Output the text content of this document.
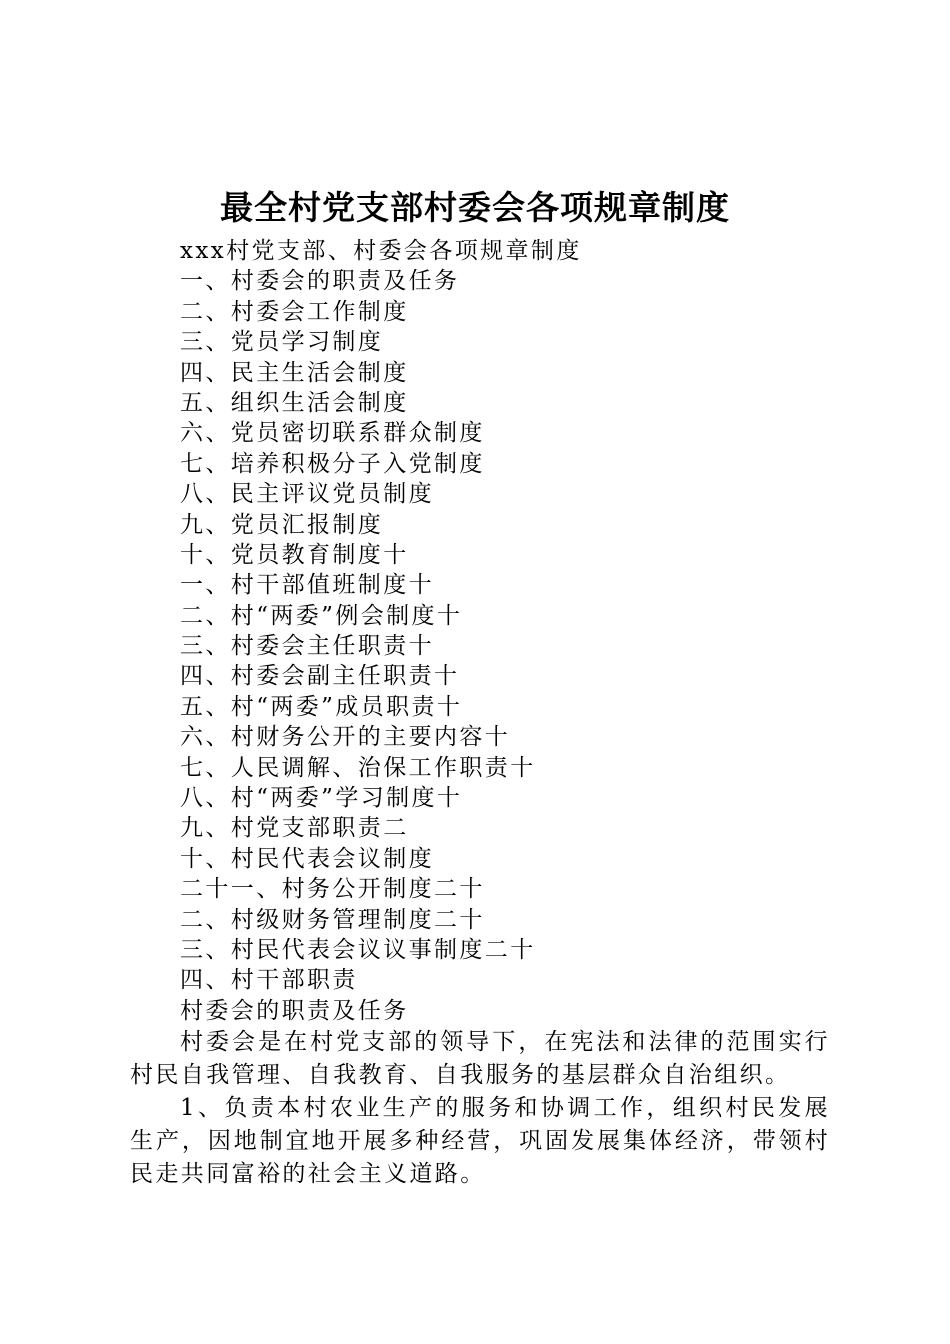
最全村党支部村委会各项规章制度
xxx村党支部、村委会各项规章制度
一、村委会的职责及任务
二、村委会工作制度
三、党员学习制度
四、民主生活会制度
五、组织生活会制度
六、党员密切联系群众制度
七、培养积极分子入党制度
八、民主评议党员制度
九、党员汇报制度
十、党员教育制度十
一、村干部值班制度十
二、村“两委”例会制度十
三、村委会主任职责十
四、村委会副主任职责十
五、村“两委”成员职责十
六、村财务公开的主要内容十
七、人民调解、治保工作职责十
八、村“两委”学习制度十
九、村党支部职责二
十、村民代表会议制度
二十一、村务公开制度二十
二、村级财务管理制度二十
三、村民代表会议议事制度二十
四、村干部职责
村委会的职责及任务

村委会是在村党支部的领导下，在宪法和法律的范围实行村民自我管理、自我教育、自我服务的基层群众自治组织。

1、负责本村农业生产的服务和协调工作，组织村民发展生产，因地制宜地开展多种经营，巩固发展集体经济，带领村民走共同富裕的社会主义道路。
